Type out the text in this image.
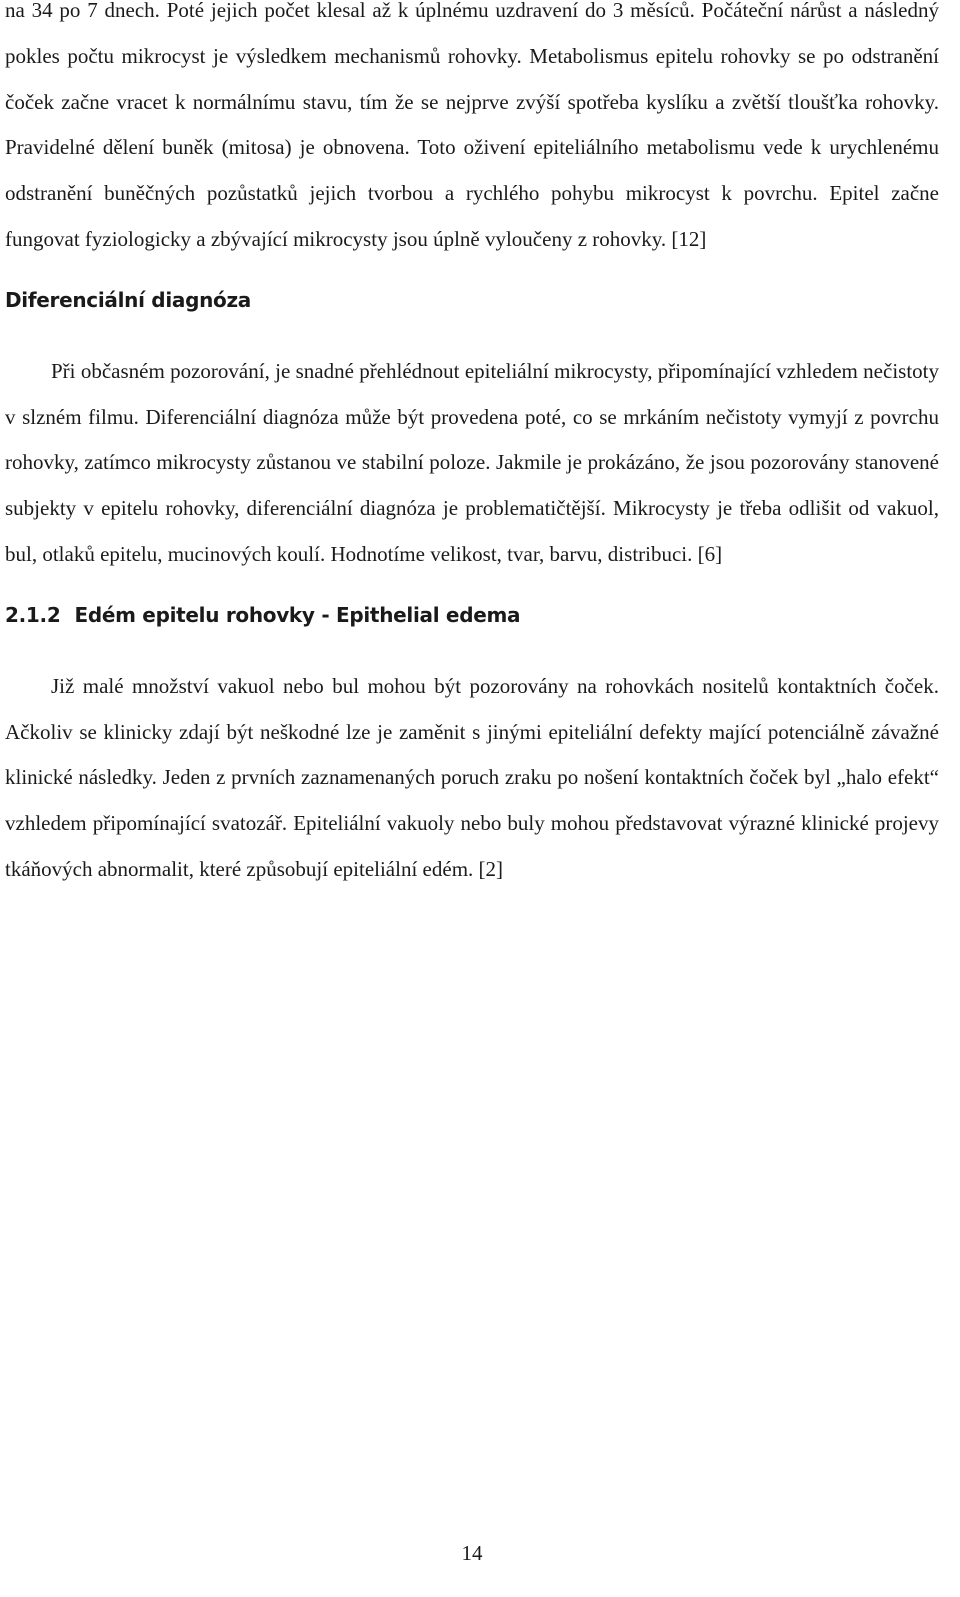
na 34 po 7 dnech. Poté jejich počet klesal až k úplnému uzdravení do 3 měsíců. Počáteční nárůst a následný pokles počtu mikrocyst je výsledkem mechanismů rohovky. Metabolismus epitelu rohovky se po odstranění čoček začne vracet k normálnímu stavu, tím že se nejprve zvýší spotřeba kyslíku a zvětší tloušťka rohovky. Pravidelné dělení buněk (mitosa) je obnovena. Toto oživení epiteliálního metabolismu vede k urychlenému odstranění buněčných pozůstatků jejich tvorbou a rychlého pohybu mikrocyst k povrchu. Epitel začne fungovat fyziologicky a zbývající mikrocysty jsou úplně vyloučeny z rohovky. [12]

Diferenciální diagnóza

Při občasném pozorování, je snadné přehlédnout epiteliální mikrocysty, připomínající vzhledem nečistoty v slzném filmu. Diferenciální diagnóza může být provedena poté, co se mrkáním nečistoty vymyjí z povrchu rohovky, zatímco mikrocysty zůstanou ve stabilní poloze. Jakmile je prokázáno, že jsou pozorovány stanovené subjekty v epitelu rohovky, diferenciální diagnóza je problematičtější. Mikrocysty je třeba odlišit od vakuol, bul, otlaků epitelu, mucinových koulí. Hodnotíme velikost, tvar, barvu, distribuci. [6]

2.1.2 Edém epitelu rohovky - Epithelial edema

Již malé množství vakuol nebo bul mohou být pozorovány na rohovkách nositelů kontaktních čoček. Ačkoliv se klinicky zdají být neškodné lze je zaměnit s jinými epiteliální defekty mající potenciálně závažné klinické následky. Jeden z prvních zaznamenaných poruch zraku po nošení kontaktních čoček byl „halo efekt“ vzhledem připomínající svatozář. Epiteliální vakuoly nebo buly mohou představovat výrazné klinické projevy tkáňových abnormalit, které způsobují epiteliální edém. [2]

14
